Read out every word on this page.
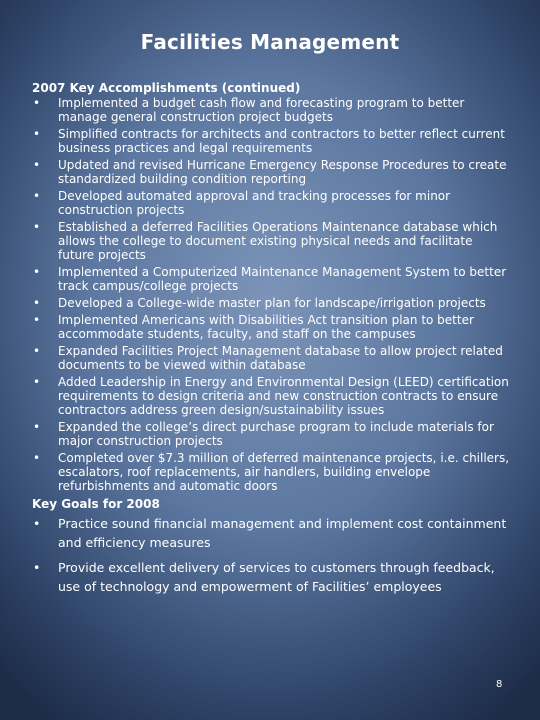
Facilities Management
2007 Key Accomplishments (continued)
• Implemented a budget cash flow and forecasting program to better manage general construction project budgets
• Simplified contracts for architects and contractors to better reflect current business practices and legal requirements
• Updated and revised Hurricane Emergency Response Procedures to create standardized building condition reporting
• Developed automated approval and tracking processes for minor construction projects
• Established a deferred Facilities Operations Maintenance database which allows the college to document existing physical needs and facilitate future projects
• Implemented a Computerized Maintenance Management System to better track campus/college projects
• Developed a College-wide master plan for landscape/irrigation projects
• Implemented Americans with Disabilities Act transition plan to better accommodate students, faculty, and staff on the campuses
• Expanded Facilities Project Management database to allow project related documents to be viewed within database
• Added Leadership in Energy and Environmental Design (LEED) certification requirements to design criteria and new construction contracts to ensure contractors address green design/sustainability issues
• Expanded the college’s direct purchase program to include materials for major construction projects
• Completed over $7.3 million of deferred maintenance projects, i.e. chillers, escalators, roof replacements, air handlers, building envelope refurbishments and automatic doors
Key Goals for 2008
• Practice sound financial management and implement cost containment and efficiency measures
• Provide excellent delivery of services to customers through feedback, use of technology and empowerment of Facilities’ employees
8
